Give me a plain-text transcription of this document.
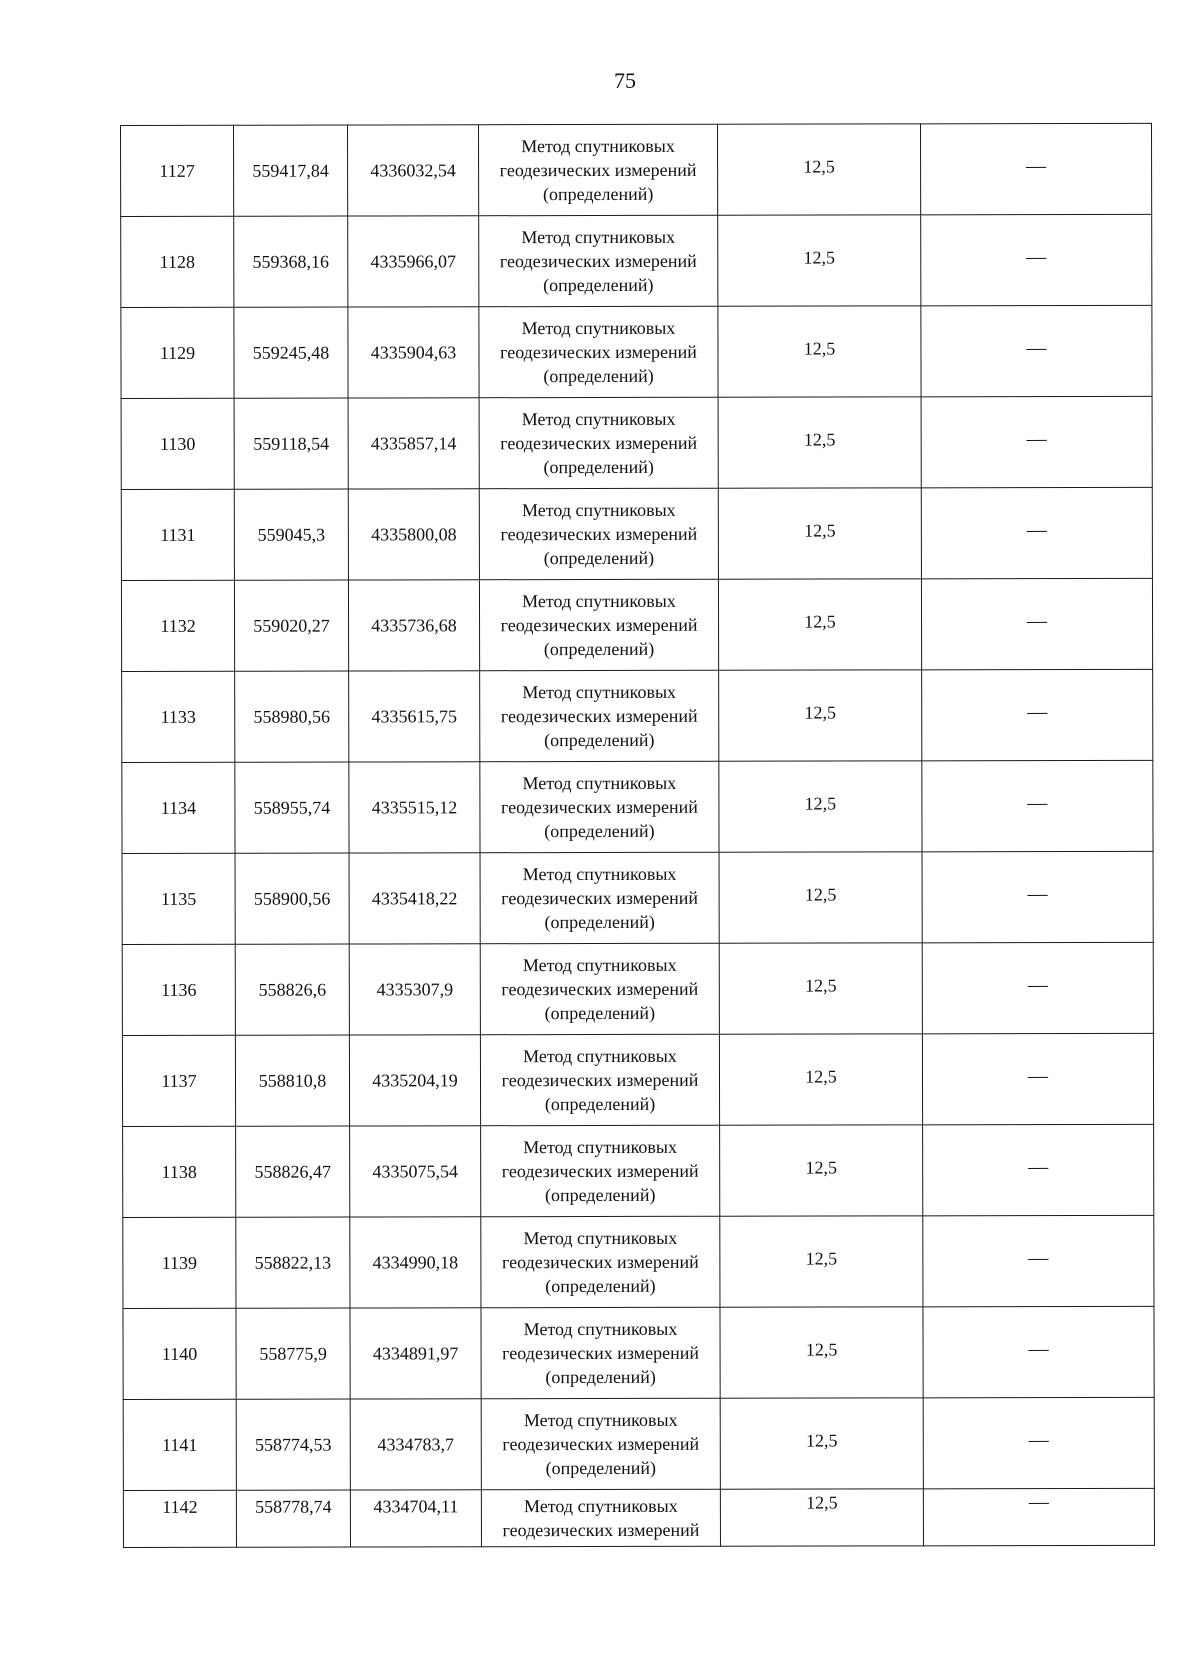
75
1127	559417,84	4336032,54	Метод спутниковых
геодезических измерений
(определений)	12,5	—
1128	559368,16	4335966,07	Метод спутниковых
геодезических измерений
(определений)	12,5	—
1129	559245,48	4335904,63	Метод спутниковых
геодезических измерений
(определений)	12,5	—
1130	559118,54	4335857,14	Метод спутниковых
геодезических измерений
(определений)	12,5	—
1131	559045,3	4335800,08	Метод спутниковых
геодезических измерений
(определений)	12,5	—
1132	559020,27	4335736,68	Метод спутниковых
геодезических измерений
(определений)	12,5	—
1133	558980,56	4335615,75	Метод спутниковых
геодезических измерений
(определений)	12,5	—
1134	558955,74	4335515,12	Метод спутниковых
геодезических измерений
(определений)	12,5	—
1135	558900,56	4335418,22	Метод спутниковых
геодезических измерений
(определений)	12,5	—
1136	558826,6	4335307,9	Метод спутниковых
геодезических измерений
(определений)	12,5	—
1137	558810,8	4335204,19	Метод спутниковых
геодезических измерений
(определений)	12,5	—
1138	558826,47	4335075,54	Метод спутниковых
геодезических измерений
(определений)	12,5	—
1139	558822,13	4334990,18	Метод спутниковых
геодезических измерений
(определений)	12,5	—
1140	558775,9	4334891,97	Метод спутниковых
геодезических измерений
(определений)	12,5	—
1141	558774,53	4334783,7	Метод спутниковых
геодезических измерений
(определений)	12,5	—
1142	558778,74	4334704,11	Метод спутниковых
геодезических измерений	12,5	—
